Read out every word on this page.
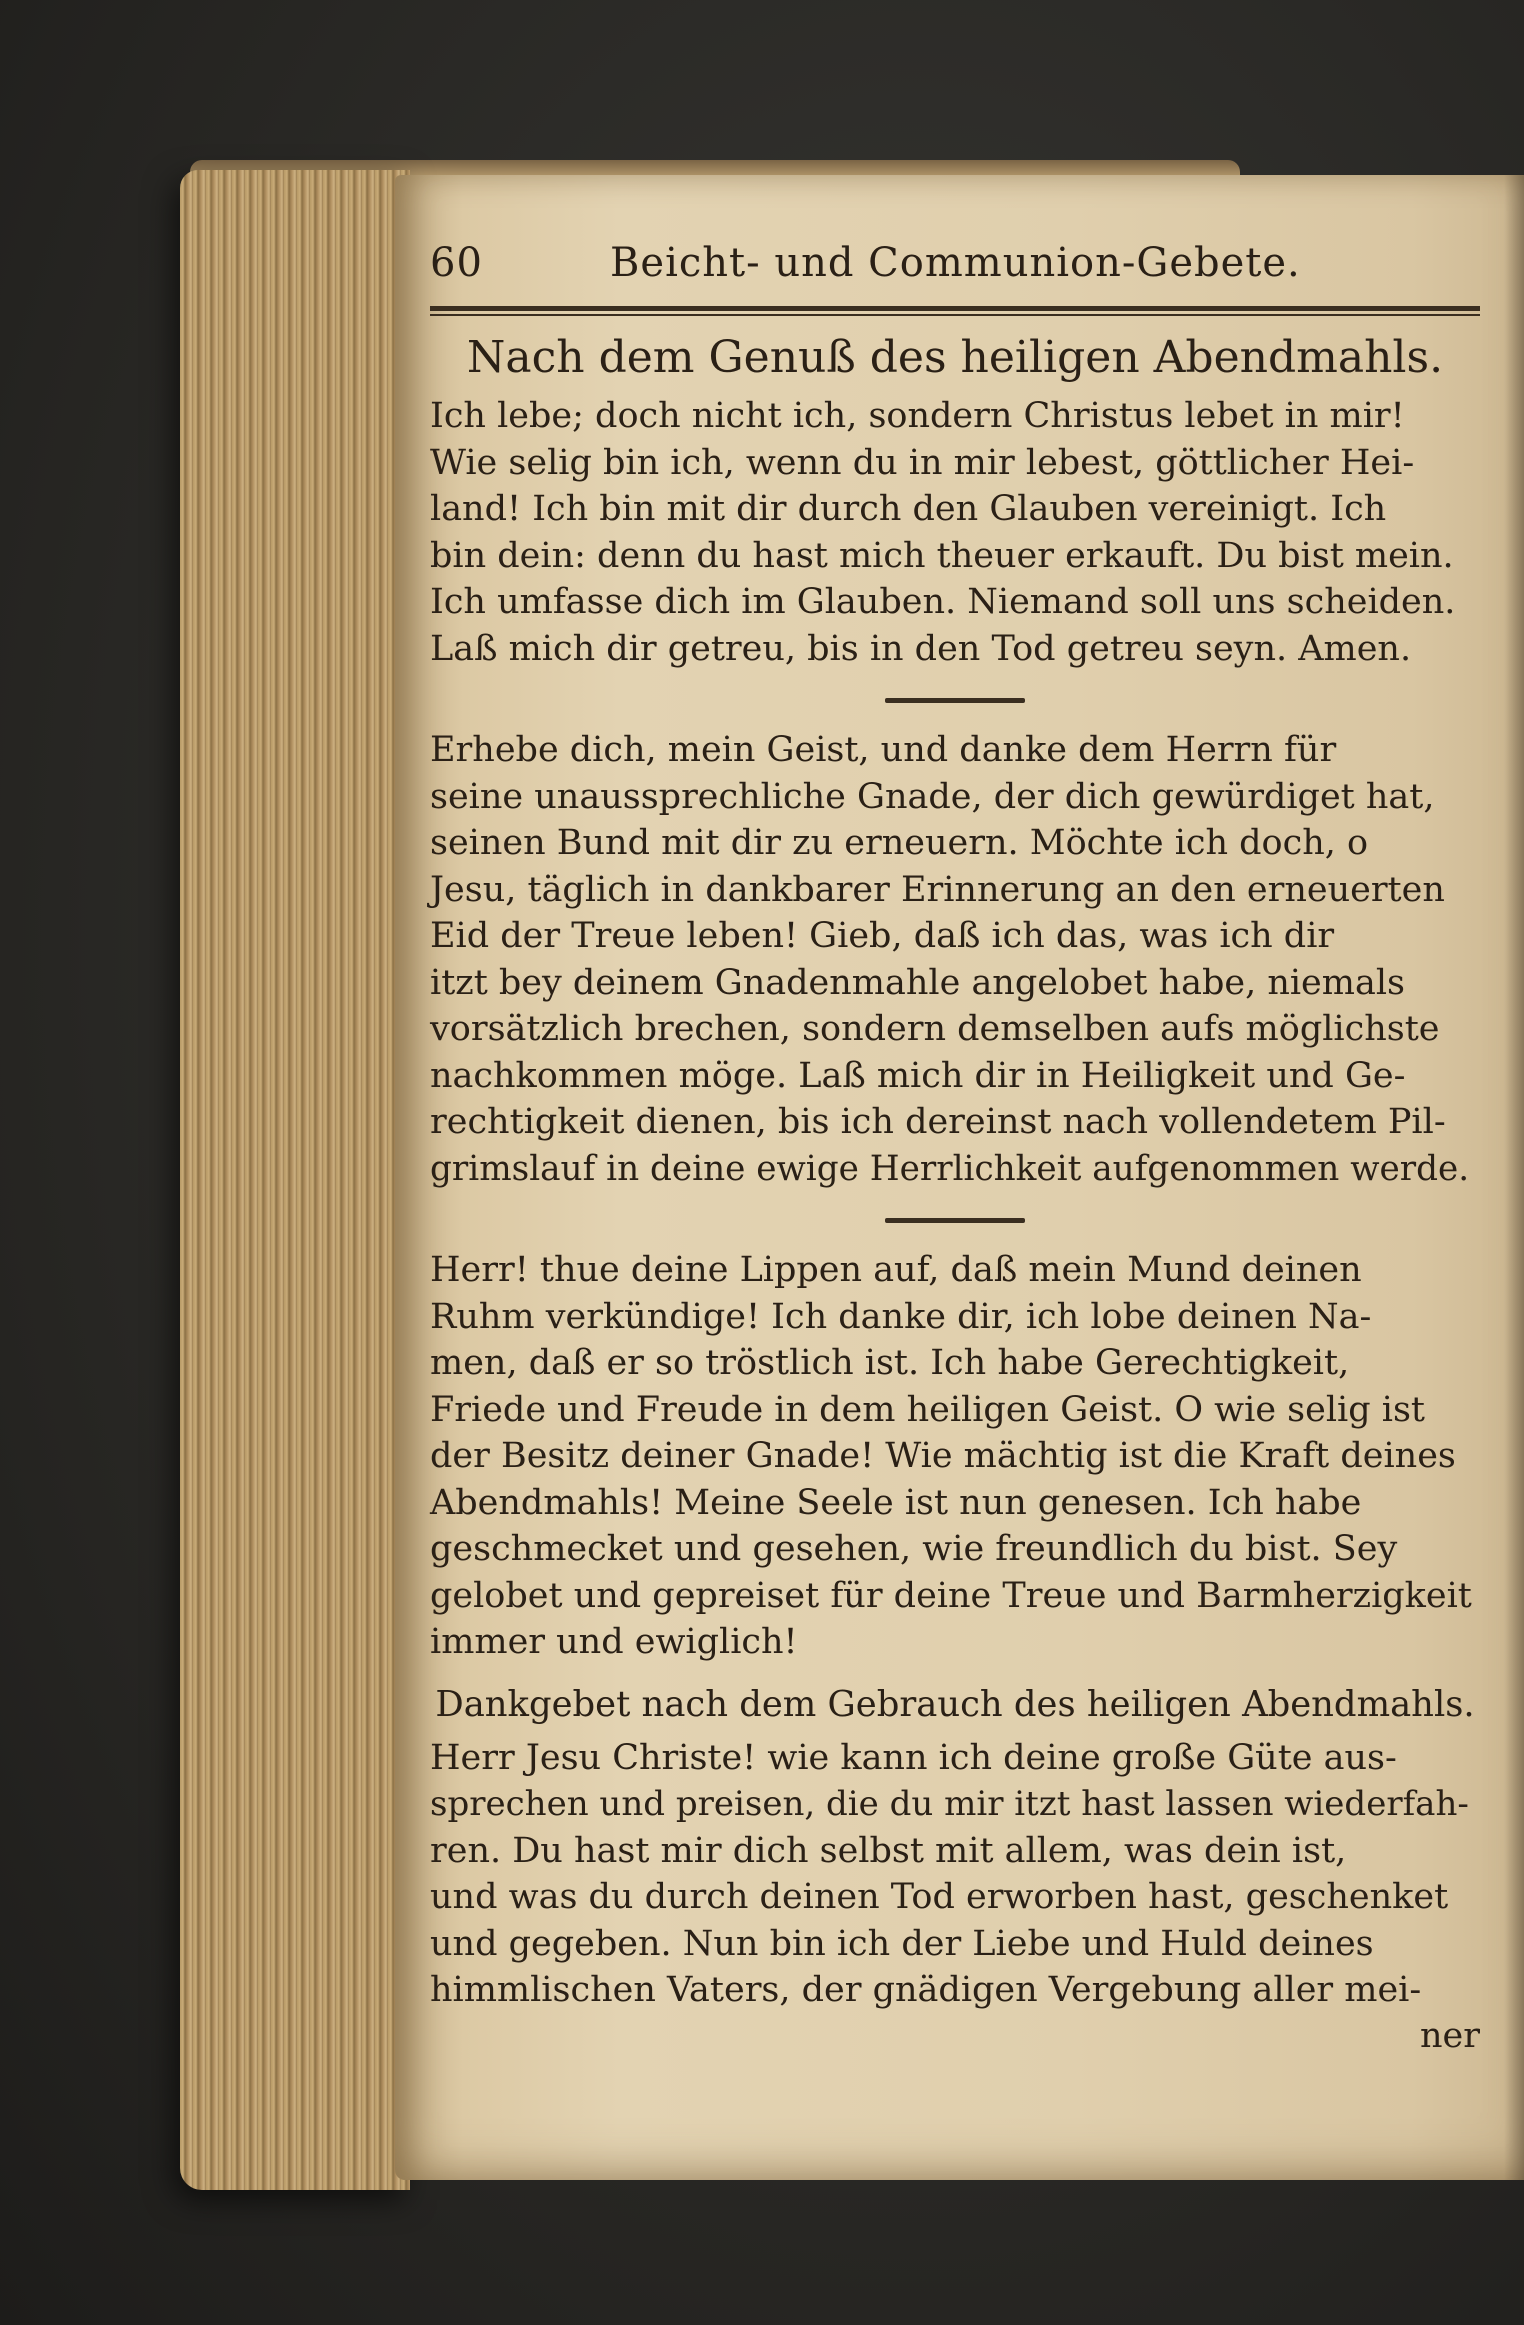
60	Beicht- und Communion-Gebete.
Nach dem Genuß des heiligen Abendmahls.
Ich lebe; doch nicht ich, sondern Christus lebet in mir!
Wie selig bin ich, wenn du in mir lebest, göttlicher Hei-
land! Ich bin mit dir durch den Glauben vereinigt. Ich
bin dein: denn du hast mich theuer erkauft. Du bist mein.
Ich umfasse dich im Glauben. Niemand soll uns scheiden.
Laß mich dir getreu, bis in den Tod getreu seyn. Amen.
Erhebe dich, mein Geist, und danke dem Herrn für
seine unaussprechliche Gnade, der dich gewürdiget hat,
seinen Bund mit dir zu erneuern. Möchte ich doch, o
Jesu, täglich in dankbarer Erinnerung an den erneuerten
Eid der Treue leben! Gieb, daß ich das, was ich dir
itzt bey deinem Gnadenmahle angelobet habe, niemals
vorsätzlich brechen, sondern demselben aufs möglichste
nachkommen möge. Laß mich dir in Heiligkeit und Ge-
rechtigkeit dienen, bis ich dereinst nach vollendetem Pil-
grimslauf in deine ewige Herrlichkeit aufgenommen werde.
Herr! thue deine Lippen auf, daß mein Mund deinen
Ruhm verkündige! Ich danke dir, ich lobe deinen Na-
men, daß er so tröstlich ist. Ich habe Gerechtigkeit,
Friede und Freude in dem heiligen Geist. O wie selig ist
der Besitz deiner Gnade! Wie mächtig ist die Kraft deines
Abendmahls! Meine Seele ist nun genesen. Ich habe
geschmecket und gesehen, wie freundlich du bist. Sey
gelobet und gepreiset für deine Treue und Barmherzigkeit
immer und ewiglich!
Dankgebet nach dem Gebrauch des heiligen Abendmahls.
Herr Jesu Christe! wie kann ich deine große Güte aus-
sprechen und preisen, die du mir itzt hast lassen wiederfah-
ren. Du hast mir dich selbst mit allem, was dein ist,
und was du durch deinen Tod erworben hast, geschenket
und gegeben. Nun bin ich der Liebe und Huld deines
himmlischen Vaters, der gnädigen Vergebung aller mei-
ner
